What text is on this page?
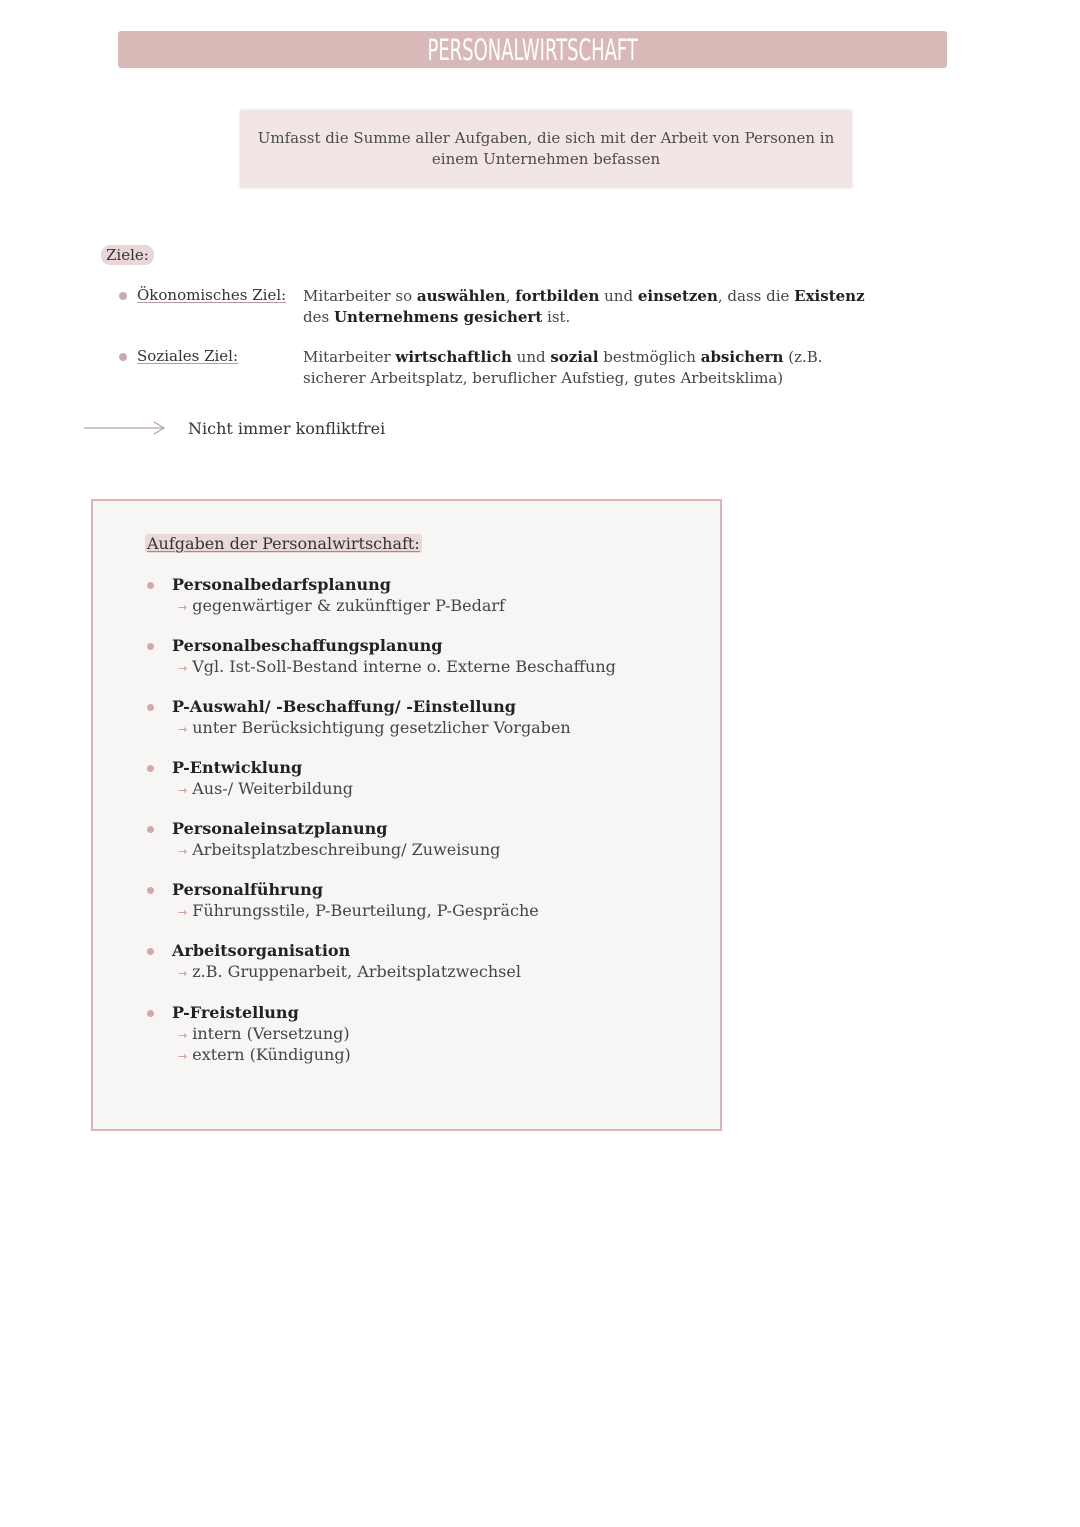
PERSONALWIRTSCHAFT
Umfasst die Summe aller Aufgaben, die sich mit der Arbeit von Personen in einem Unternehmen befassen
Ziele:
Ökonomisches Ziel: Mitarbeiter so auswählen, fortbilden und einsetzen, dass die Existenz des Unternehmens gesichert ist.
Soziales Ziel:	Mitarbeiter wirtschaftlich und sozial bestmöglich absichern (z.B. sicherer Arbeitsplatz, beruflicher Aufstieg, gutes Arbeitsklima)
Nicht immer konfliktfrei
Aufgaben der Personalwirtschaft:
Personalbedarfsplanung
→ gegenwärtiger & zukünftiger P-Bedarf
Personalbeschaffungsplanung
→ Vgl. Ist-Soll-Bestand interne o. Externe Beschaffung
P-Auswahl/ -Beschaffung/ -Einstellung
→ unter Berücksichtigung gesetzlicher Vorgaben
P-Entwicklung
→ Aus-/ Weiterbildung
Personaleinsatzplanung
→ Arbeitsplatzbeschreibung/ Zuweisung
Personalführung
→ Führungsstile, P-Beurteilung, P-Gespräche
Arbeitsorganisation
→ z.B. Gruppenarbeit, Arbeitsplatzwechsel
P-Freistellung
→ intern (Versetzung)
→ extern (Kündigung)
